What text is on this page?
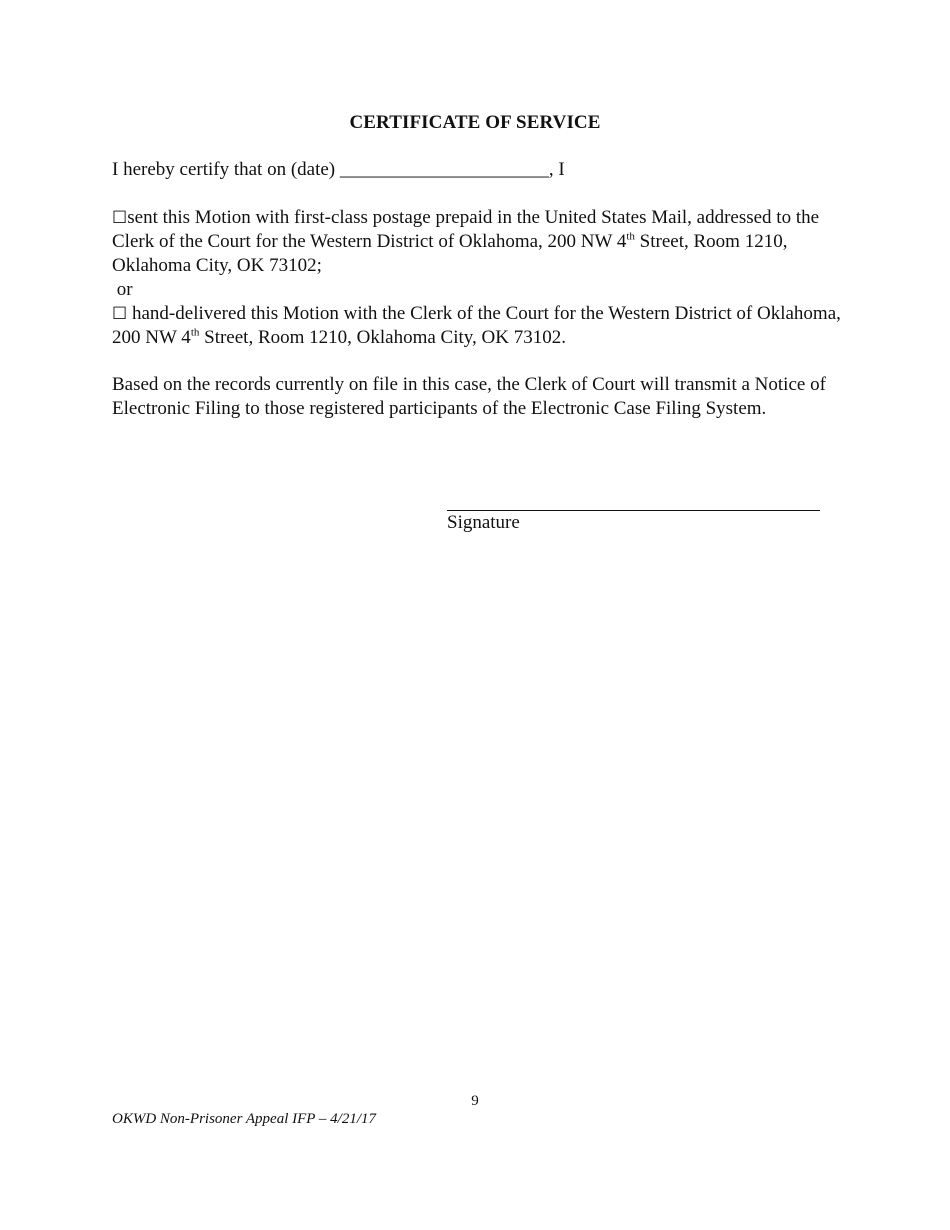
CERTIFICATE OF SERVICE
I hereby certify that on (date) ______________________, I
☐sent this Motion with first-class postage prepaid in the United States Mail, addressed to the Clerk of the Court for the Western District of Oklahoma, 200 NW 4th Street, Room 1210, Oklahoma City, OK 73102;
or
☐ hand-delivered this Motion with the Clerk of the Court for the Western District of Oklahoma, 200 NW 4th Street, Room 1210, Oklahoma City, OK 73102.
Based on the records currently on file in this case, the Clerk of Court will transmit a Notice of Electronic Filing to those registered participants of the Electronic Case Filing System.
Signature
9
OKWD Non-Prisoner Appeal IFP – 4/21/17
